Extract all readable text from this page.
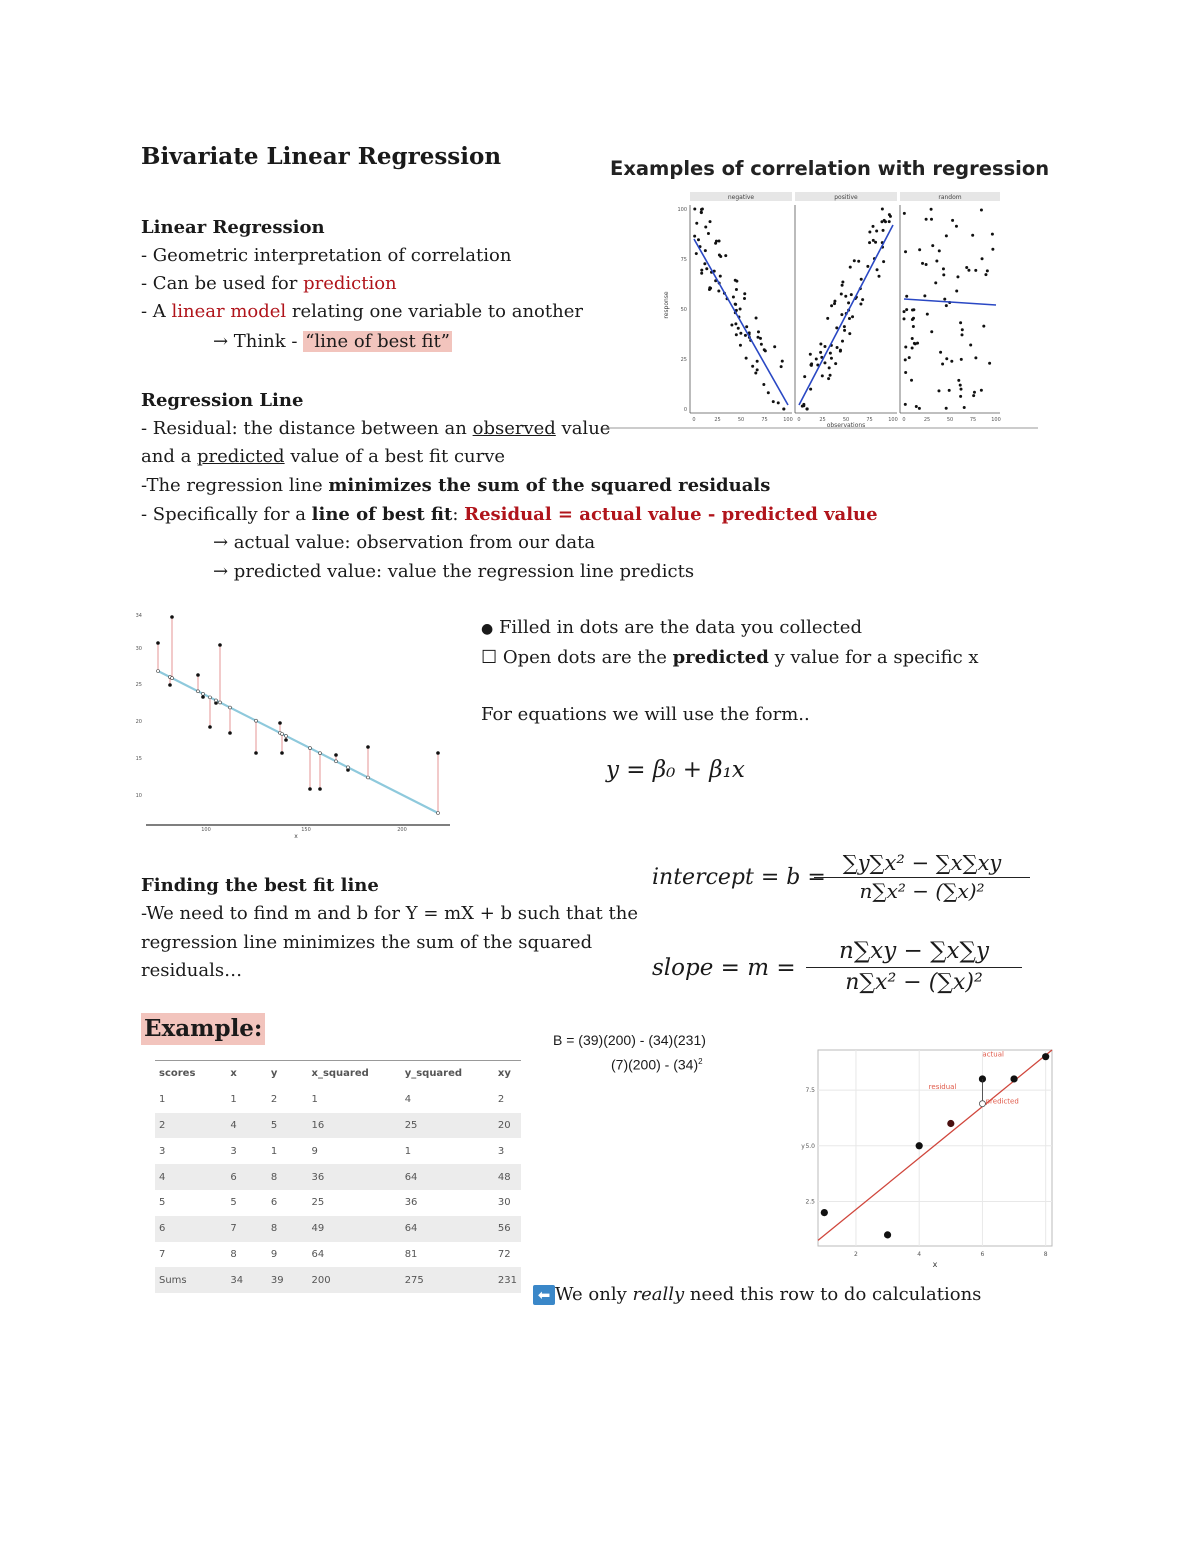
Bivariate Linear Regression
Linear Regression
- Geometric interpretation of correlation
- Can be used for prediction
- A linear model relating one variable to another
→ Think - “line of best fit”
Regression Line
- Residual: the distance between an observed value
and a predicted value of a best fit curve
-The regression line minimizes the sum of the squared residuals
- Specifically for a line of best fit: Residual = actual value - predicted value
→ actual value: observation from our data
→ predicted value: value the regression line predicts
Examples of correlation with regression
negative	positive	random
0	25	50	75	100 0	25	50	75	100 0	25	50	75	100
0
25
50
75
100
response
observations
10
15
20
25
30
34
100	150	200
x
● Filled in dots are the data you collected
☐ Open dots are the predicted y value for a specific x
For equations we will use the form..
y = β₀ + β₁x
Finding the best fit line
-We need to find m and b for Y = mX + b such that the
regression line minimizes the sum of the squared
residuals…
intercept = b =
∑y∑x² − ∑x∑xy
n∑x² − (∑x)²
slope = m =
n∑xy − ∑x∑y
n∑x² − (∑x)²
Example:
scores	x	y	x_squared	y_squared	xy
1	1	2	1	4	2
2	4	5	16	25	20
3	3	1	9	1	3
4	6	8	36	64	48
5	5	6	25	36	30
6	7	8	49	64	56
7	8	9	64	81	72
Sums	34	39	200	275	231
B = (39)(200) - (34)(231)
$(7)(200) - (34)^2$
2	4	6	8
2.5
5.0
7.5
y
actual
residual
predicted
x
⬅ We only really need this row to do calculations
